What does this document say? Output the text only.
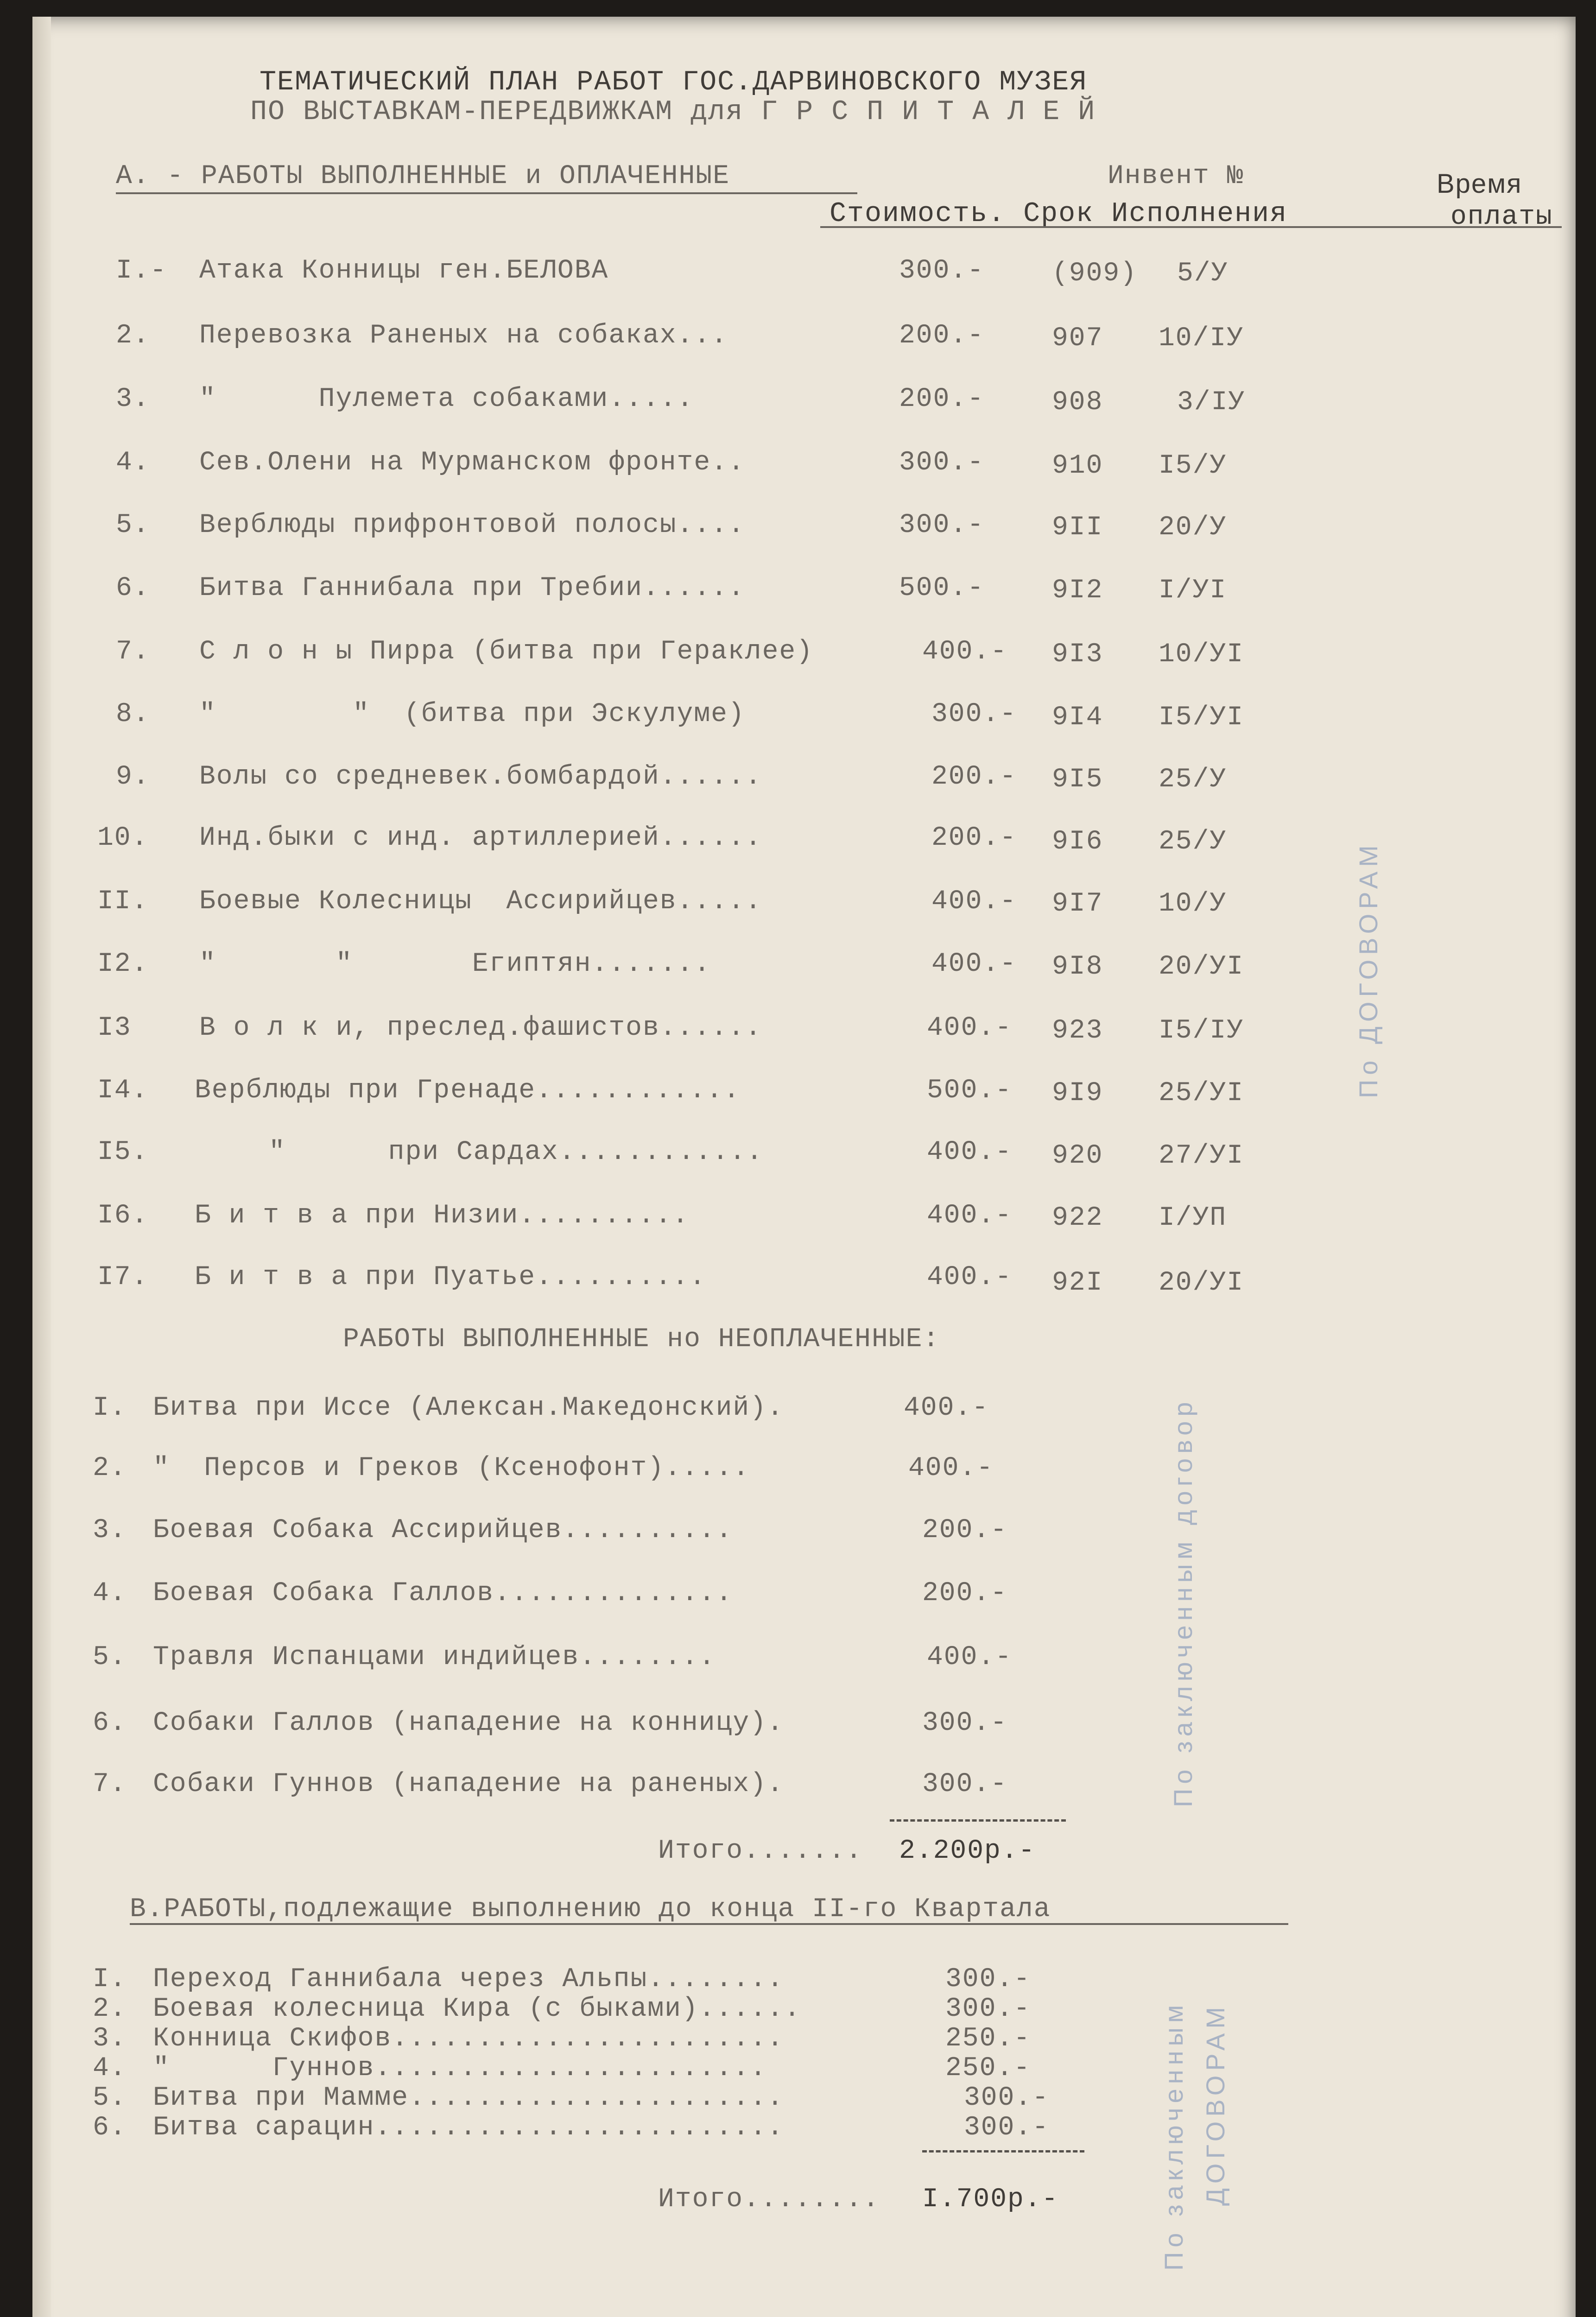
ТЕМАТИЧЕСКИЙ ПЛАН РАБОТ ГОС.ДАРВИНОВСКОГО МУЗЕЯ
ПО ВЫСТАВКАМ-ПЕРЕДВИЖКАМ для Г Р С П И Т А Л Е Й
А. - РАБОТЫ ВЫПОЛНЕННЫЕ и ОПЛАЧЕННЫЕ	Инвент №	Время
Стоимость. Срок Исполнения	оплаты
I.- Атака Конницы ген.БЕЛОВА	300.-	(909) 5/У
2. Перевозка Раненых на собаках...	200.-	907 10/IУ
3. "      Пулемета собаками.....	200.-	908	3/IУ
4. Сев.Олени на Мурманском фронте..	300.-	910 I5/У
5. Верблюды прифронтовой полосы....	300.-	9II 20/У
6. Битва Ганнибала при Требии......	500.-	9I2 I/УI
7. С л о н ы Пирра (битва при Гераклее)	400.- 9I3 10/УI
8. "        "  (битва при Эскулуме)	300.- 9I4 I5/УI
9. Волы со средневек.бомбардой......	200.- 9I5 25/У
10. Инд.быки с инд. артиллерией......	200.- 9I6 25/У
II. Боевые Колесницы  Ассирийцев.....	400.- 9I7 10/У
I2. "       "       Египтян.......	400.- 9I8 20/УI
I3	В о л к и, преслед.фашистов......	400.- 923 I5/IУ
I4. Верблюды при Гренаде............	500.- 9I9 25/УI
I5.	"      при Сардах............	400.- 920 27/УI
I6. Б и т в а при Низии..........	400.- 922 I/УП
I7. Б и т в а при Пуатье..........	400.- 92I 20/УI
По ДОГОВОРАМ
РАБОТЫ ВЫПОЛНЕННЫЕ но НЕОПЛАЧЕННЫЕ:
I. Битва при Иссе (Алексан.Македонский).	400.-
2. "  Персов и Греков (Ксенофонт).....	400.-
3. Боевая Собака Ассирийцев..........	200.-
4. Боевая Собака Галлов..............	200.-
5. Травля Испанцами индийцев........	400.-
6. Собаки Галлов (нападение на конницу).	300.-
7. Собаки Гуннов (нападение на раненых).	300.-
Итого....... 2.200р.-
По заключенным договор
В.РАБОТЫ,подлежащие выполнению до конца II-го Квартала
I. Переход Ганнибала через Альпы........	300.-
2. Боевая колесница Кира (с быками)......	300.-
3. Конница Скифов.......................	250.-
4. "      Гуннов.......................	250.-
5. Битва при Мамме......................	300.-
6. Битва сарацин........................	300.-
Итого........ I.700р.-	По заключенным ДОГОВОРАМ
